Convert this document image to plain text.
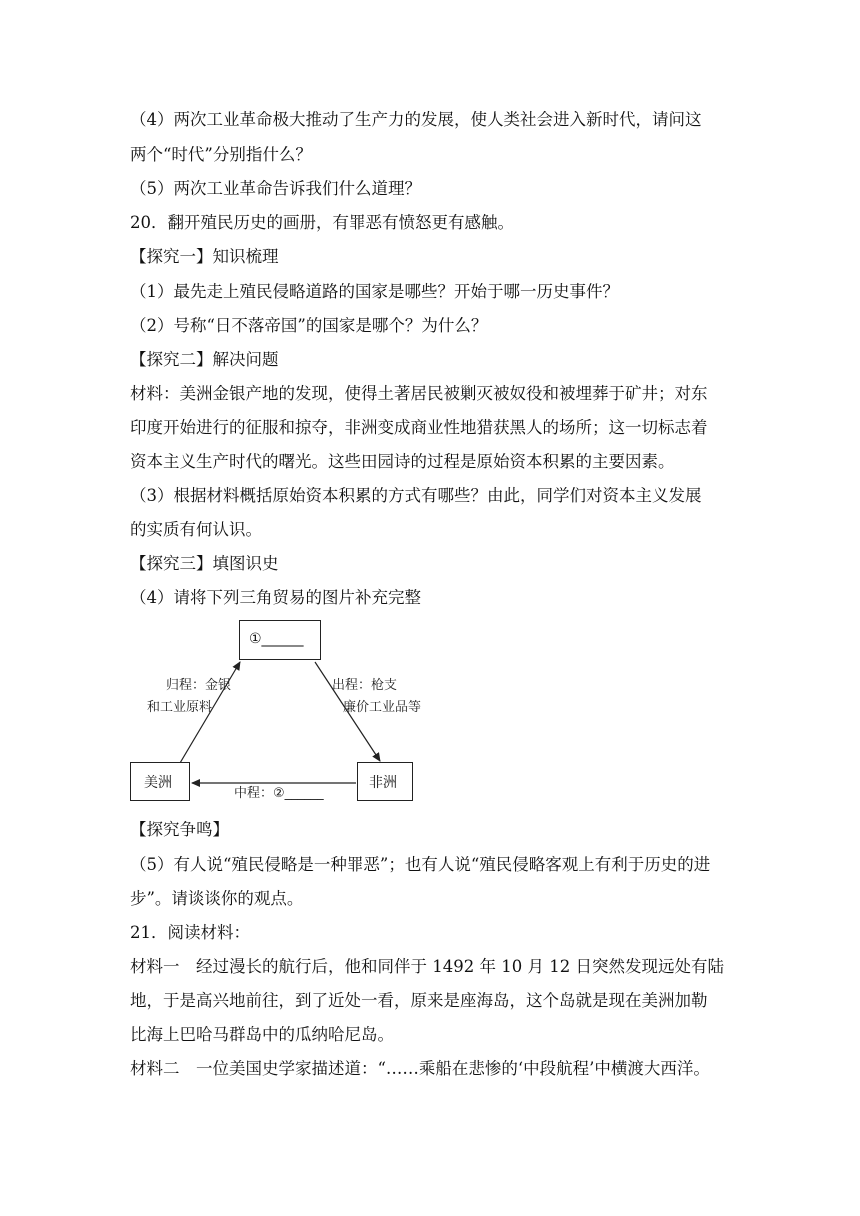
（4）两次工业革命极大推动了生产力的发展，使人类社会进入新时代，请问这
两个“时代”分别指什么？
（5）两次工业革命告诉我们什么道理？
20．翻开殖民历史的画册，有罪恶有愤怒更有感触。
【探究一】知识梳理
（1）最先走上殖民侵略道路的国家是哪些？开始于哪一历史事件？
（2）号称“日不落帝国”的国家是哪个？为什么？
【探究二】解决问题
材料：美洲金银产地的发现，使得土著居民被剿灭被奴役和被埋葬于矿井；对东
印度开始进行的征服和掠夺，非洲变成商业性地猎获黑人的场所；这一切标志着
资本主义生产时代的曙光。这些田园诗的过程是原始资本积累的主要因素。
（3）根据材料概括原始资本积累的方式有哪些？由此，同学们对资本主义发展
的实质有何认识。
【探究三】填图识史
（4）请将下列三角贸易的图片补充完整
①______
美洲	非洲
归程：金银
和工业原料
出程：枪支
廉价工业品等
中程：②______
【探究争鸣】
（5）有人说“殖民侵略是一种罪恶”；也有人说“殖民侵略客观上有利于历史的进
步”。请谈谈你的观点。
21．阅读材料：
材料一　经过漫长的航行后，他和同伴于 1492 年 10 月 12 日突然发现远处有陆
地，于是高兴地前往，到了近处一看，原来是座海岛，这个岛就是现在美洲加勒
比海上巴哈马群岛中的瓜纳哈尼岛。
材料二　一位美国史学家描述道：“……乘船在悲惨的‘中段航程’中横渡大西洋。
